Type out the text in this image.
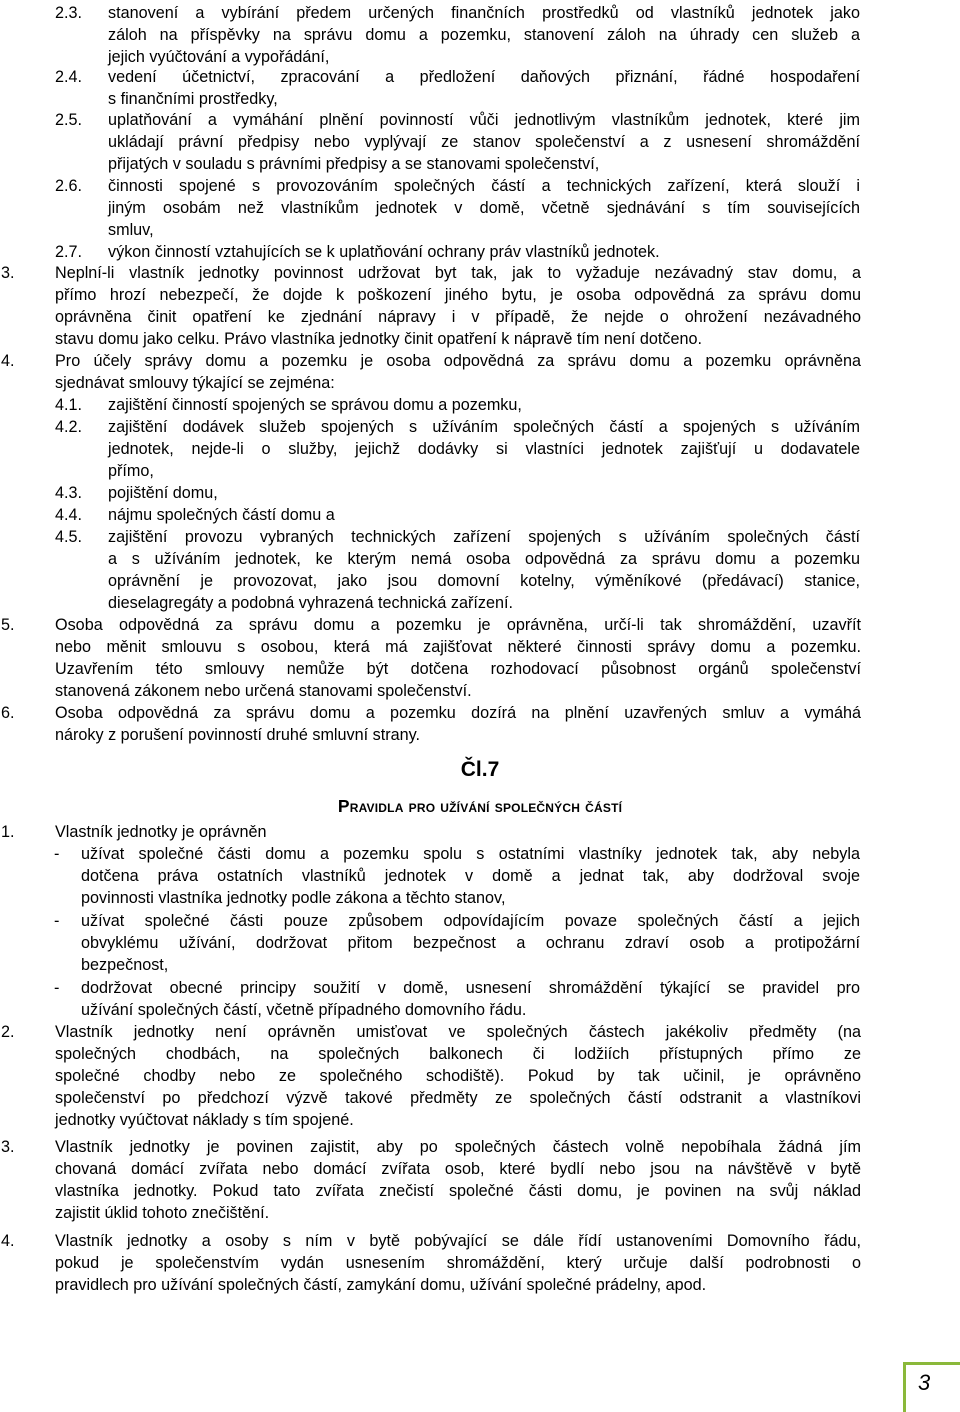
2.3.	stanovení a vybírání předem určených finančních prostředků od vlastníků jednotek jako
záloh na příspěvky na správu domu a pozemku, stanovení záloh na úhrady cen služeb a
jejich vyúčtování a vypořádání,
2.4.	vedení účetnictví, zpracování a předložení daňových přiznání, řádné hospodaření
s finančními prostředky,
2.5.	uplatňování a vymáhání plnění povinností vůči jednotlivým vlastníkům jednotek, které jim
ukládají právní předpisy nebo vyplývají ze stanov společenství a z usnesení shromáždění
přijatých v souladu s právními předpisy a se stanovami společenství,
2.6.	činnosti spojené s provozováním společných částí a technických zařízení, která slouží i
jiným osobám než vlastníkům jednotek v domě, včetně sjednávání s tím souvisejících
smluv,
2.7.	výkon činností vztahujících se k uplatňování ochrany práv vlastníků jednotek.
3.	Neplní-li vlastník jednotky povinnost udržovat byt tak, jak to vyžaduje nezávadný stav domu, a
přímo hrozí nebezpečí, že dojde k poškození jiného bytu, je osoba odpovědná za správu domu
oprávněna činit opatření ke zjednání nápravy i v případě, že nejde o ohrožení nezávadného
stavu domu jako celku. Právo vlastníka jednotky činit opatření k nápravě tím není dotčeno.
4.	Pro účely správy domu a pozemku je osoba odpovědná za správu domu a pozemku oprávněna
sjednávat smlouvy týkající se zejména:
4.1.	zajištění činností spojených se správou domu a pozemku,
4.2.	zajištění dodávek služeb spojených s užíváním společných částí a spojených s užíváním
jednotek, nejde-li o služby, jejichž dodávky si vlastníci jednotek zajišťují u dodavatele
přímo,
4.3.	pojištění domu,
4.4.	nájmu společných částí domu a
4.5.	zajištění provozu vybraných technických zařízení spojených s užíváním společných částí
a s užíváním jednotek, ke kterým nemá osoba odpovědná za správu domu a pozemku
oprávnění je provozovat, jako jsou domovní kotelny, výměníkové (předávací) stanice,
dieselagregáty a podobná vyhrazená technická zařízení.
5.	Osoba odpovědná za správu domu a pozemku je oprávněna, určí-li tak shromáždění, uzavřít
nebo měnit smlouvu s osobou, která má zajišťovat některé činnosti správy domu a pozemku.
Uzavřením této smlouvy nemůže být dotčena rozhodovací působnost orgánů společenství
stanovená zákonem nebo určená stanovami společenství.
6.	Osoba odpovědná za správu domu a pozemku dozírá na plnění uzavřených smluv a vymáhá
nároky z porušení povinností druhé smluvní strany.
Čl.7
Pravidla pro užívání společných částí
1.	Vlastník jednotky je oprávněn
-	užívat společné části domu a pozemku spolu s ostatními vlastníky jednotek tak, aby nebyla
dotčena práva ostatních vlastníků jednotek v domě a jednat tak, aby dodržoval svoje
povinnosti vlastníka jednotky podle zákona a těchto stanov,
-	užívat společné části pouze způsobem odpovídajícím povaze společných částí a jejich
obvyklému užívání, dodržovat přitom bezpečnost a ochranu zdraví osob a protipožární
bezpečnost,
-	dodržovat obecné principy soužití v domě, usnesení shromáždění týkající se pravidel pro
užívání společných částí, včetně případného domovního řádu.
2.	Vlastník jednotky není oprávněn umisťovat ve společných částech jakékoliv předměty (na
společných chodbách, na společných balkonech či lodžiích přístupných přímo ze
společné chodby nebo ze společného schodiště). Pokud by tak učinil, je oprávněno
společenství po předchozí výzvě takové předměty ze společných částí odstranit a vlastníkovi
jednotky vyúčtovat náklady s tím spojené.
3.	Vlastník jednotky je povinen zajistit, aby po společných částech volně nepobíhala žádná jím
chovaná domácí zvířata nebo domácí zvířata osob, které bydlí nebo jsou na návštěvě v bytě
vlastníka jednotky. Pokud tato zvířata znečistí společné části domu, je povinen na svůj náklad
zajistit úklid tohoto znečištění.
4.	Vlastník jednotky a osoby s ním v bytě pobývající se dále řídí ustanoveními Domovního řádu,
pokud je společenstvím vydán usnesením shromáždění, který určuje další podrobnosti o
pravidlech pro užívání společných částí, zamykání domu, užívání společné prádelny, apod.
3
